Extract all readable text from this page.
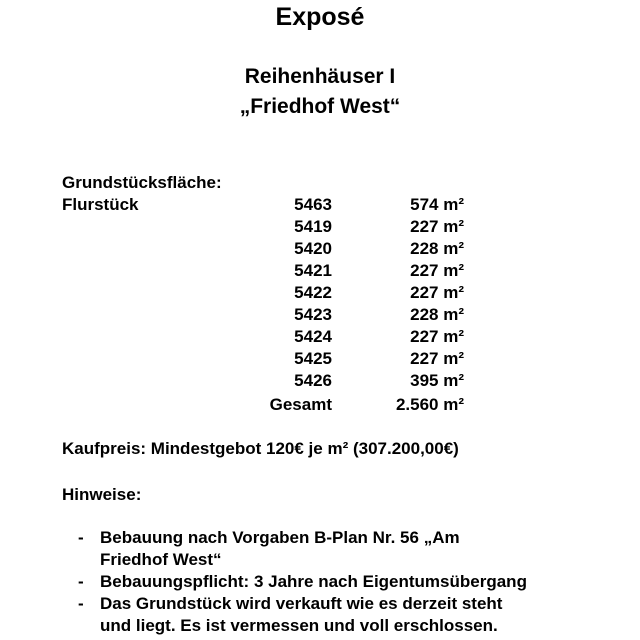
Exposé
Reihenhäuser I
„Friedhof West“
Grundstücksfläche:
Flurstück	5463	574 m²
5419	227 m²
5420	228 m²
5421	227 m²
5422	227 m²
5423	228 m²
5424	227 m²
5425	227 m²
5426	395 m²
Gesamt	2.560 m²
Kaufpreis: Mindestgebot 120€ je m² (307.200,00€)
Hinweise:
- Bebauung nach Vorgaben B-Plan Nr. 56 „Am
Friedhof West“
- Bebauungspflicht: 3 Jahre nach Eigentumsübergang
- Das Grundstück wird verkauft wie es derzeit steht
und liegt. Es ist vermessen und voll erschlossen.
